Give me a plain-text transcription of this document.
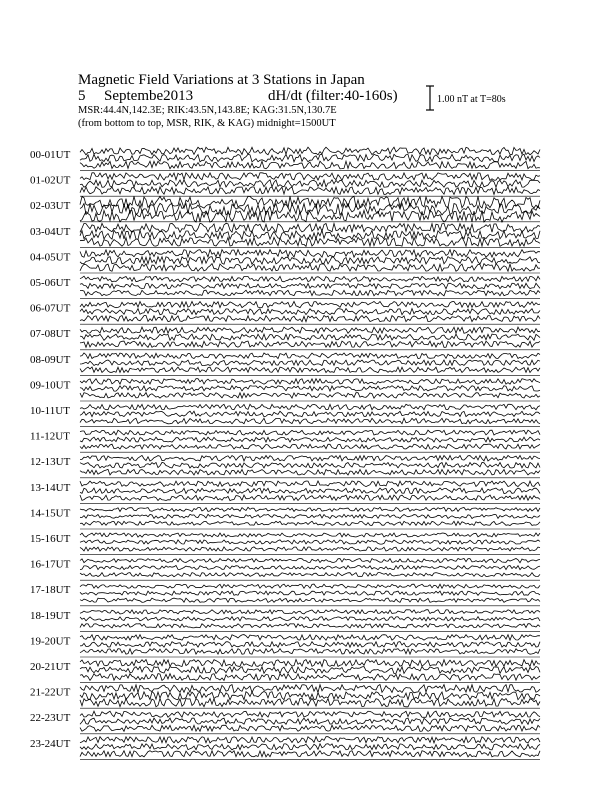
Magnetic Field Variations at 3 Stations in Japan
5 Septembe2013	dH/dt (filter:40-160s)
MSR:44.4N,142.3E; RIK:43.5N,143.8E; KAG:31.5N,130.7E
(from bottom to top, MSR, RIK, & KAG) midnight=1500UT
1.00 nT at T=80s
00-01UT
01-02UT
02-03UT
03-04UT
04-05UT
05-06UT
06-07UT
07-08UT
08-09UT
09-10UT
10-11UT
11-12UT
12-13UT
13-14UT
14-15UT
15-16UT
16-17UT
17-18UT
18-19UT
19-20UT
20-21UT
21-22UT
22-23UT
23-24UT
